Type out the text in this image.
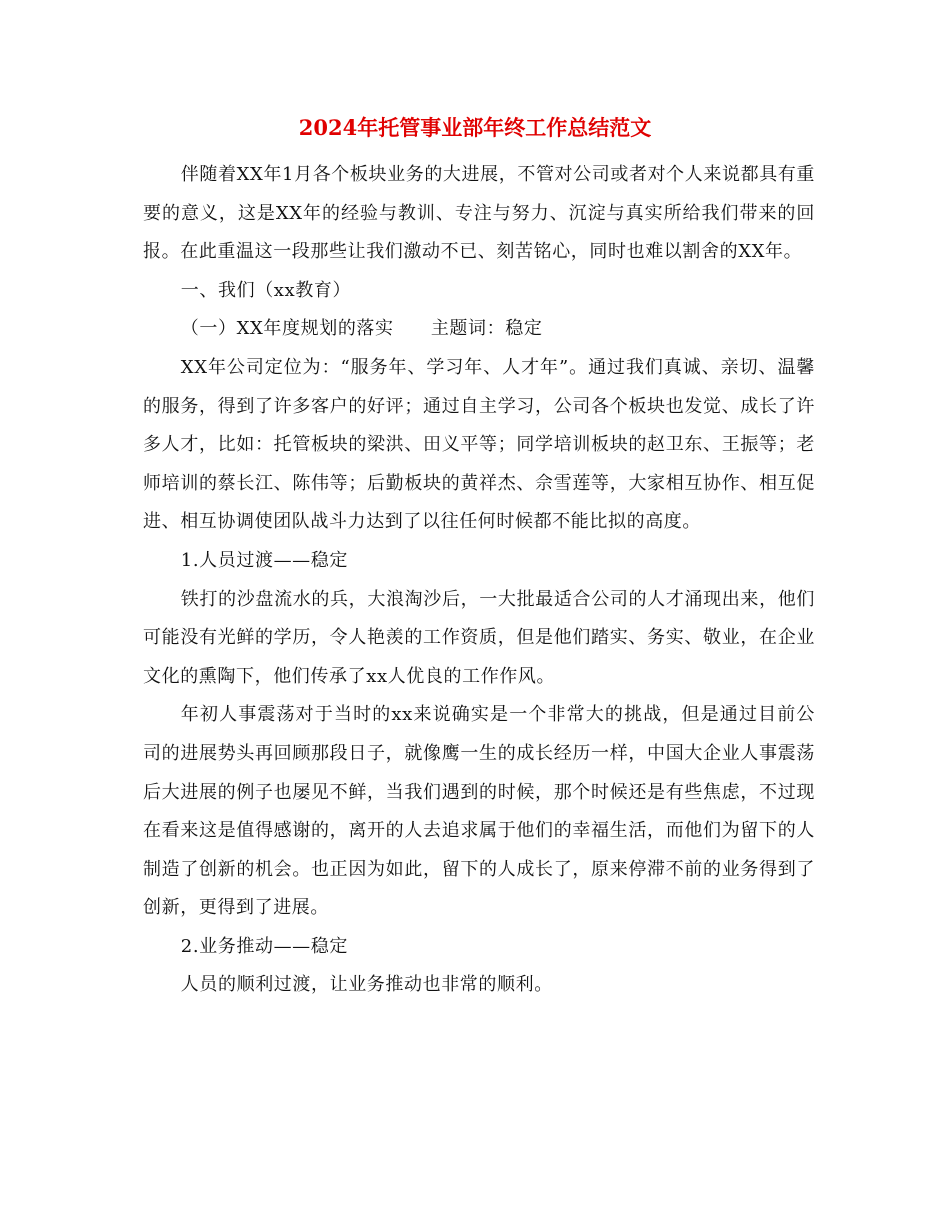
2024年托管事业部年终工作总结范文

伴随着XX年1月各个板块业务的大进展，不管对公司或者对个人来说都具有重要的意义，这是XX年的经验与教训、专注与努力、沉淀与真实所给我们带来的回报。在此重温这一段那些让我们激动不已、刻苦铭心，同时也难以割舍的XX年。

一、我们（xx教育）

（一）XX年度规划的落实　　主题词：稳定

XX年公司定位为：“服务年、学习年、人才年”。通过我们真诚、亲切、温馨的服务，得到了许多客户的好评；通过自主学习，公司各个板块也发觉、成长了许多人才，比如：托管板块的梁洪、田义平等；同学培训板块的赵卫东、王振等；老师培训的蔡长江、陈伟等；后勤板块的黄祥杰、佘雪莲等，大家相互协作、相互促进、相互协调使团队战斗力达到了以往任何时候都不能比拟的高度。

1.人员过渡——稳定

铁打的沙盘流水的兵，大浪淘沙后，一大批最适合公司的人才涌现出来，他们可能没有光鲜的学历，令人艳羡的工作资质，但是他们踏实、务实、敬业，在企业文化的熏陶下，他们传承了xx人优良的工作作风。

年初人事震荡对于当时的xx来说确实是一个非常大的挑战，但是通过目前公司的进展势头再回顾那段日子，就像鹰一生的成长经历一样，中国大企业人事震荡后大进展的例子也屡见不鲜，当我们遇到的时候，那个时候还是有些焦虑，不过现在看来这是值得感谢的，离开的人去追求属于他们的幸福生活，而他们为留下的人制造了创新的机会。也正因为如此，留下的人成长了，原来停滞不前的业务得到了创新，更得到了进展。

2.业务推动——稳定

人员的顺利过渡，让业务推动也非常的顺利。
